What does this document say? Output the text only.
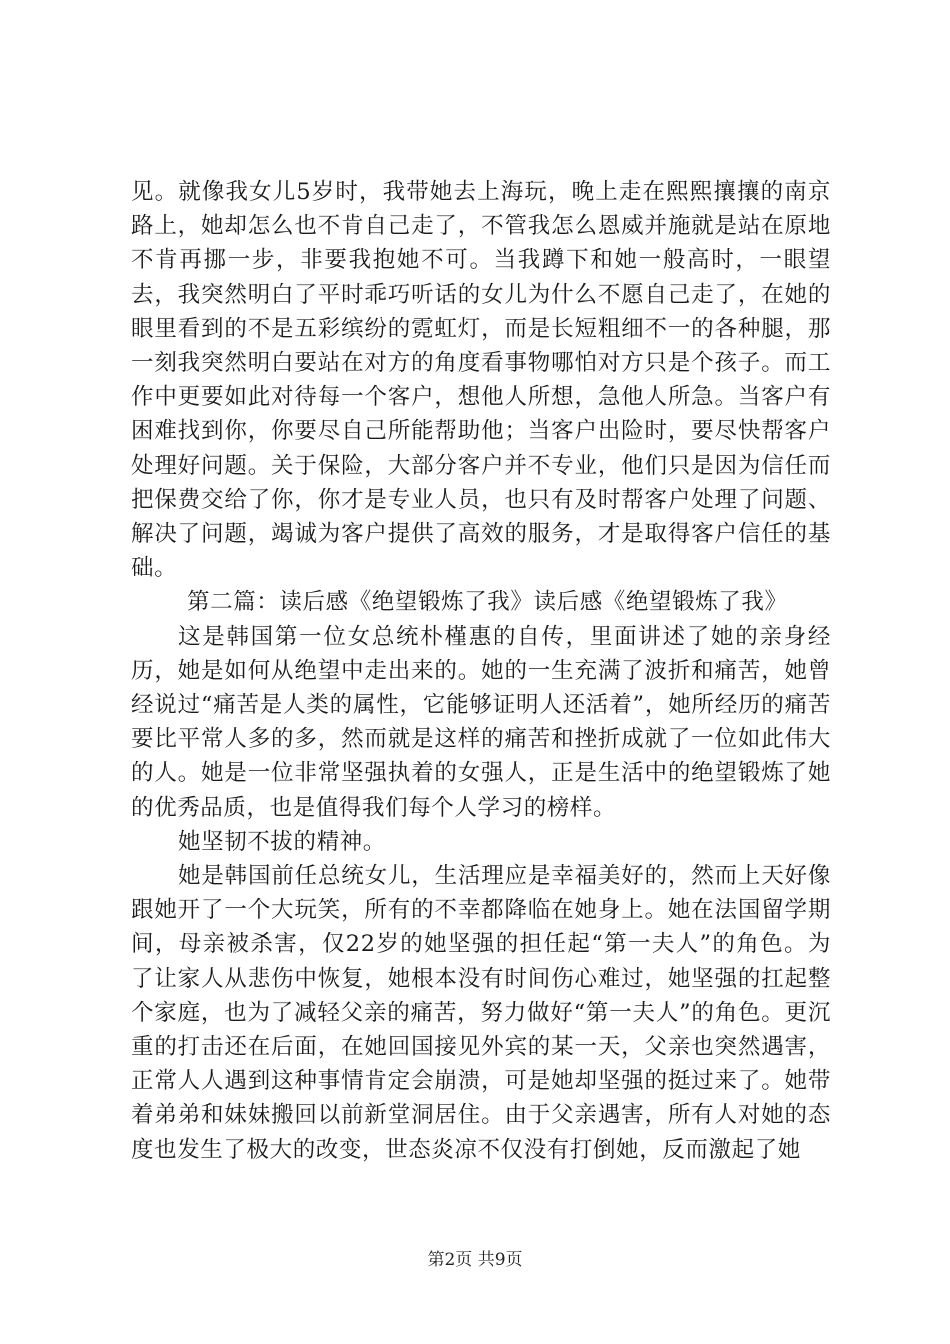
见。就像我女儿5岁时，我带她去上海玩，晚上走在熙熙攘攘的南京路上，她却怎么也不肯自己走了，不管我怎么恩威并施就是站在原地不肯再挪一步，非要我抱她不可。当我蹲下和她一般高时，一眼望去，我突然明白了平时乖巧听话的女儿为什么不愿自己走了，在她的眼里看到的不是五彩缤纷的霓虹灯，而是长短粗细不一的各种腿，那一刻我突然明白要站在对方的角度看事物哪怕对方只是个孩子。而工作中更要如此对待每一个客户，想他人所想，急他人所急。当客户有困难找到你，你要尽自己所能帮助他；当客户出险时，要尽快帮客户处理好问题。关于保险，大部分客户并不专业，他们只是因为信任而把保费交给了你，你才是专业人员，也只有及时帮客户处理了问题、解决了问题，竭诚为客户提供了高效的服务，才是取得客户信任的基础。

第二篇：读后感《绝望锻炼了我》读后感《绝望锻炼了我》

这是韩国第一位女总统朴槿惠的自传，里面讲述了她的亲身经历，她是如何从绝望中走出来的。她的一生充满了波折和痛苦，她曾经说过“痛苦是人类的属性，它能够证明人还活着”，她所经历的痛苦要比平常人多的多，然而就是这样的痛苦和挫折成就了一位如此伟大的人。她是一位非常坚强执着的女强人，正是生活中的绝望锻炼了她的优秀品质，也是值得我们每个人学习的榜样。

她坚韧不拔的精神。

她是韩国前任总统女儿，生活理应是幸福美好的，然而上天好像跟她开了一个大玩笑，所有的不幸都降临在她身上。她在法国留学期间，母亲被杀害，仅22岁的她坚强的担任起“第一夫人”的角色。为了让家人从悲伤中恢复，她根本没有时间伤心难过，她坚强的扛起整个家庭，也为了减轻父亲的痛苦，努力做好“第一夫人”的角色。更沉重的打击还在后面，在她回国接见外宾的某一天，父亲也突然遇害，正常人人遇到这种事情肯定会崩溃，可是她却坚强的挺过来了。她带着弟弟和妹妹搬回以前新堂洞居住。由于父亲遇害，所有人对她的态度也发生了极大的改变，世态炎凉不仅没有打倒她，反而激起了她

第2页 共9页
